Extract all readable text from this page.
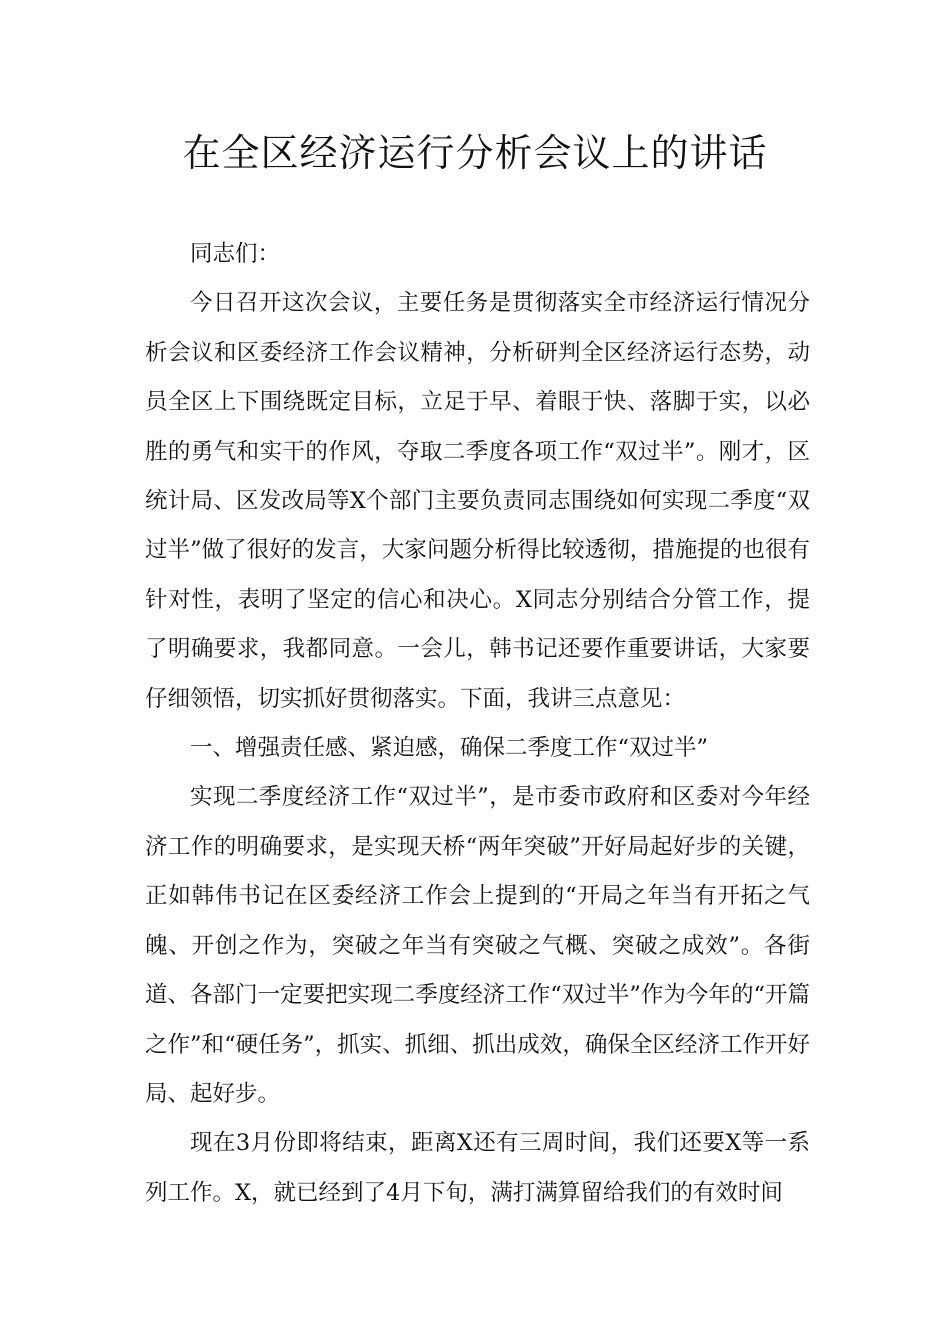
在全区经济运行分析会议上的讲话

同志们：

今日召开这次会议，主要任务是贯彻落实全市经济运行情况分析会议和区委经济工作会议精神，分析研判全区经济运行态势，动员全区上下围绕既定目标，立足于早、着眼于快、落脚于实，以必胜的勇气和实干的作风，夺取二季度各项工作“双过半”。刚才，区统计局、区发改局等X个部门主要负责同志围绕如何实现二季度“双过半”做了很好的发言，大家问题分析得比较透彻，措施提的也很有针对性，表明了坚定的信心和决心。X同志分别结合分管工作，提了明确要求，我都同意。一会儿，韩书记还要作重要讲话，大家要仔细领悟，切实抓好贯彻落实。下面，我讲三点意见：

一、增强责任感、紧迫感，确保二季度工作“双过半”

实现二季度经济工作“双过半”，是市委市政府和区委对今年经济工作的明确要求，是实现天桥“两年突破”开好局起好步的关键，正如韩伟书记在区委经济工作会上提到的“开局之年当有开拓之气魄、开创之作为，突破之年当有突破之气概、突破之成效”。各街道、各部门一定要把实现二季度经济工作“双过半”作为今年的“开篇之作”和“硬任务”，抓实、抓细、抓出成效，确保全区经济工作开好局、起好步。

现在3月份即将结束，距离X还有三周时间，我们还要X等一系列工作。X，就已经到了4月下旬，满打满算留给我们的有效时间
